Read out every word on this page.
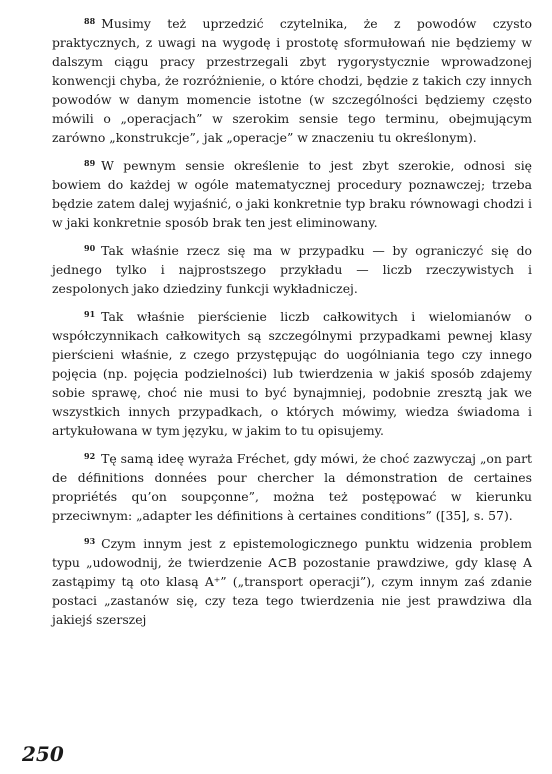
$^{88}$ Musimy też uprzedzić czytelnika, że z powodów czysto praktycznych, z uwagi na wygodę i prostotę sformułowań nie będziemy w dalszym ciągu pracy przestrzegali zbyt rygorystycznie wprowadzonej konwencji chyba, że rozróżnienie, o które chodzi, będzie z takich czy innych powodów w danym momencie istotne (w szczególności będziemy często mówili o „operacjach” w szerokim sensie tego terminu, obejmującym zarówno „konstrukcje”, jak „operacje” w znaczeniu tu określonym).

$^{89}$ W pewnym sensie określenie to jest zbyt szerokie, odnosi się bowiem do każdej w ogóle matematycznej procedury poznawczej; trzeba będzie zatem dalej wyjaśnić, o jaki konkretnie typ braku równowagi chodzi i w jaki konkretnie sposób brak ten jest eliminowany.

$^{90}$ Tak właśnie rzecz się ma w przypadku — by ograniczyć się do jednego tylko i najprostszego przykładu — liczb rzeczywistych i zespolonych jako dziedziny funkcji wykładniczej.

$^{91}$ Tak właśnie pierścienie liczb całkowitych i wielomianów o współczynnikach całkowitych są szczególnymi przypadkami pewnej klasy pierścieni właśnie, z czego przystępując do uogólniania tego czy innego pojęcia (np. pojęcia podzielności) lub twierdzenia w jakiś sposób zdajemy sobie sprawę, choć nie musi to być bynajmniej, podobnie zresztą jak we wszystkich innych przypadkach, o których mówimy, wiedza świadoma i artykułowana w tym języku, w jakim to tu opisujemy.

$^{92}$ Tę samą ideę wyraża Fréchet, gdy mówi, że choć zazwyczaj „on part de définitions données pour chercher la démonstration de certaines propriétés qu’on soupçonne”, można też postępować w kierunku przeciwnym: „adapter les définitions à certaines conditions” ([35], s. 57).

$^{93}$ Czym innym jest z epistemologicznego punktu widzenia problem typu „udowodnij, że twierdzenie A⊂B pozostanie prawdziwe, gdy klasę A zastąpimy tą oto klasą A⁺” („transport operacji”), czym innym zaś zdanie postaci „zastanów się, czy teza tego twierdzenia nie jest prawdziwa dla jakiejś szerszej

250
